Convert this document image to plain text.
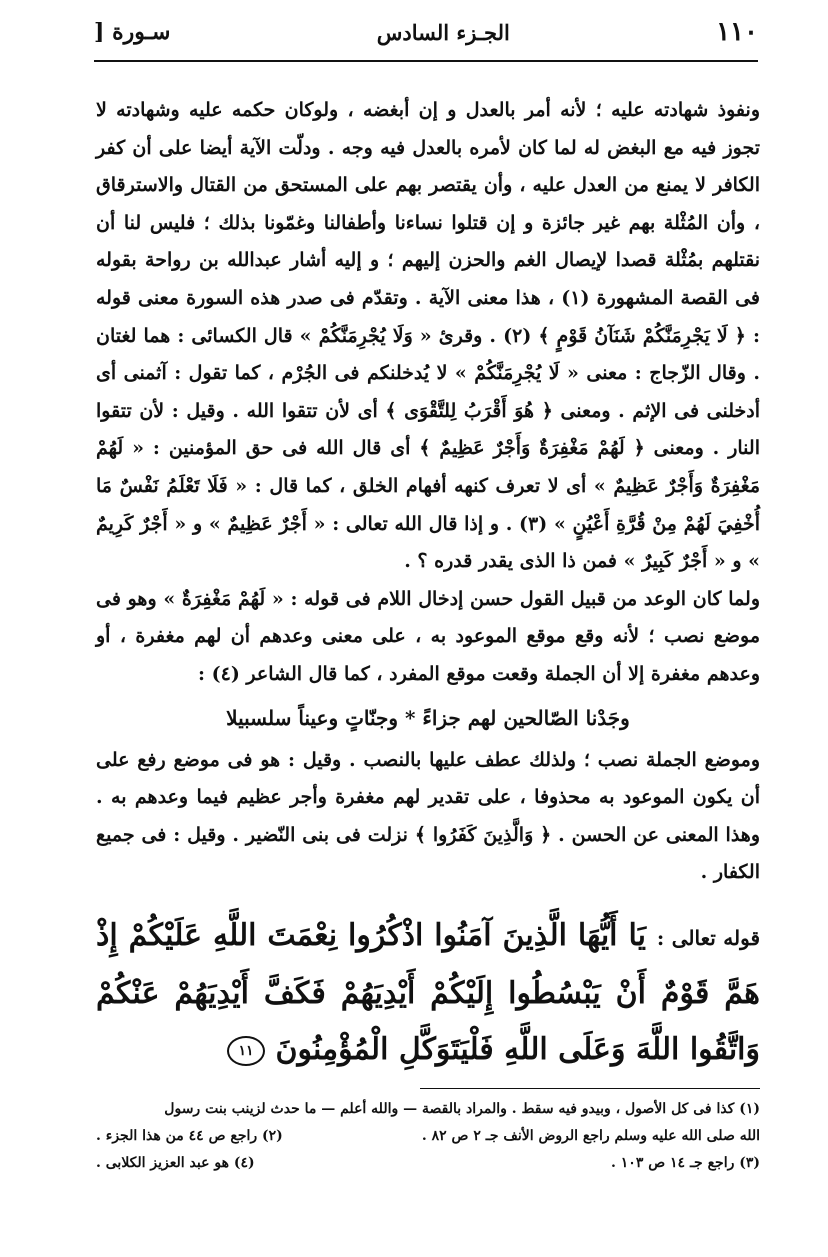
١١٠
الجـزء السادس
سـورة [

ونفوذ شهادته عليه ؛ لأنه أمر بالعدل و إن أبغضه ، ولوكان حكمه عليه وشهادته لا تجوز فيه مع البغض له لما كان لأمره بالعدل فيه وجه . ودلّت الآية أيضا على أن كفر الكافر لا يمنع من العدل عليه ، وأن يقتصر بهم على المستحق من القتال والاسترقاق ، وأن المُثْلة بهم غير جائزة و إن قتلوا نساءنا وأطفالنا وغمّونا بذلك ؛ فليس لنا أن نقتلهم بمُثْلة قصدا لإيصال الغم والحزن إليهم ؛ و إليه أشار عبدالله بن رواحة بقوله فى القصة المشهورة (١) ، هذا معنى الآية . وتقدّم فى صدر هذه السورة معنى قوله : ﴿ لَا يَجْرِمَنَّكُمْ شَنَآنُ قَوْمٍ ﴾ (٢) . وقرئ « وَلَا يُجْرِمَنَّكُمْ » قال الكسائى : هما لغتان . وقال الزّجاج : معنى « لَا يُجْرِمَنَّكُمْ » لا يُدخلنكم فى الجُرْم ، كما تقول : آثمنى أى أدخلنى فى الإثم . ومعنى ﴿ هُوَ أَقْرَبُ لِلتَّقْوَى ﴾ أى لأن تتقوا الله . وقيل : لأن تتقوا النار . ومعنى ﴿ لَهُمْ مَغْفِرَةٌ وَأَجْرٌ عَظِيمٌ ﴾ أى قال الله فى حق المؤمنين : « لَهُمْ مَغْفِرَةٌ وَأَجْرٌ عَظِيمٌ » أى لا تعرف كنهه أفهام الخلق ، كما قال : « فَلَا تَعْلَمُ نَفْسٌ مَا أُخْفِيَ لَهُمْ مِنْ قُرَّةِ أَعْيُنٍ » (٣) . و إذا قال الله تعالى : « أَجْرٌ عَظِيمٌ » و « أَجْرٌ كَرِيمٌ » و « أَجْرٌ كَبِيرٌ » فمن ذا الذى يقدر قدره ؟ .

ولما كان الوعد من قبيل القول حسن إدخال اللام فى قوله : « لَهُمْ مَغْفِرَةٌ » وهو فى موضع نصب ؛ لأنه وقع موقع الموعود به ، على معنى وعدهم أن لهم مغفرة ، أو وعدهم مغفرة إلا أن الجملة وقعت موقع المفرد ، كما قال الشاعر (٤) :

وجَدْنا الصّالحين لهم جزاءً * وجنّاتٍ وعيناً سلسبيلا

وموضع الجملة نصب ؛ ولذلك عطف عليها بالنصب . وقيل : هو فى موضع رفع على أن يكون الموعود به محذوفا ، على تقدير لهم مغفرة وأجر عظيم فيما وعدهم به . وهذا المعنى عن الحسن . ﴿ وَالَّذِينَ كَفَرُوا ﴾ نزلت فى بنى النّضير . وقيل : فى جميع الكفار .

قوله تعالى : يَا أَيُّهَا الَّذِينَ آمَنُوا اذْكُرُوا نِعْمَتَ اللَّهِ عَلَيْكُمْ إِذْ هَمَّ قَوْمٌ أَنْ يَبْسُطُوا إِلَيْكُمْ أَيْدِيَهُمْ فَكَفَّ أَيْدِيَهُمْ عَنْكُمْ وَاتَّقُوا اللَّهَ وَعَلَى اللَّهِ فَلْيَتَوَكَّلِ الْمُؤْمِنُونَ ١١
(١) كذا فى كل الأصول ، وبيدو فيه سقط . والمراد بالقصة — والله أعلم — ما حدث لزينب بنت رسول
الله صلى الله عليه وسلم راجع الروض الأنف جـ ٢ ص ٨٢ .
(٢) راجع ص ٤٤ من هذا الجزء .
(٣) راجع جـ ١٤ ص ١٠٣ .
(٤) هو عبد العزيز الكلابى .
